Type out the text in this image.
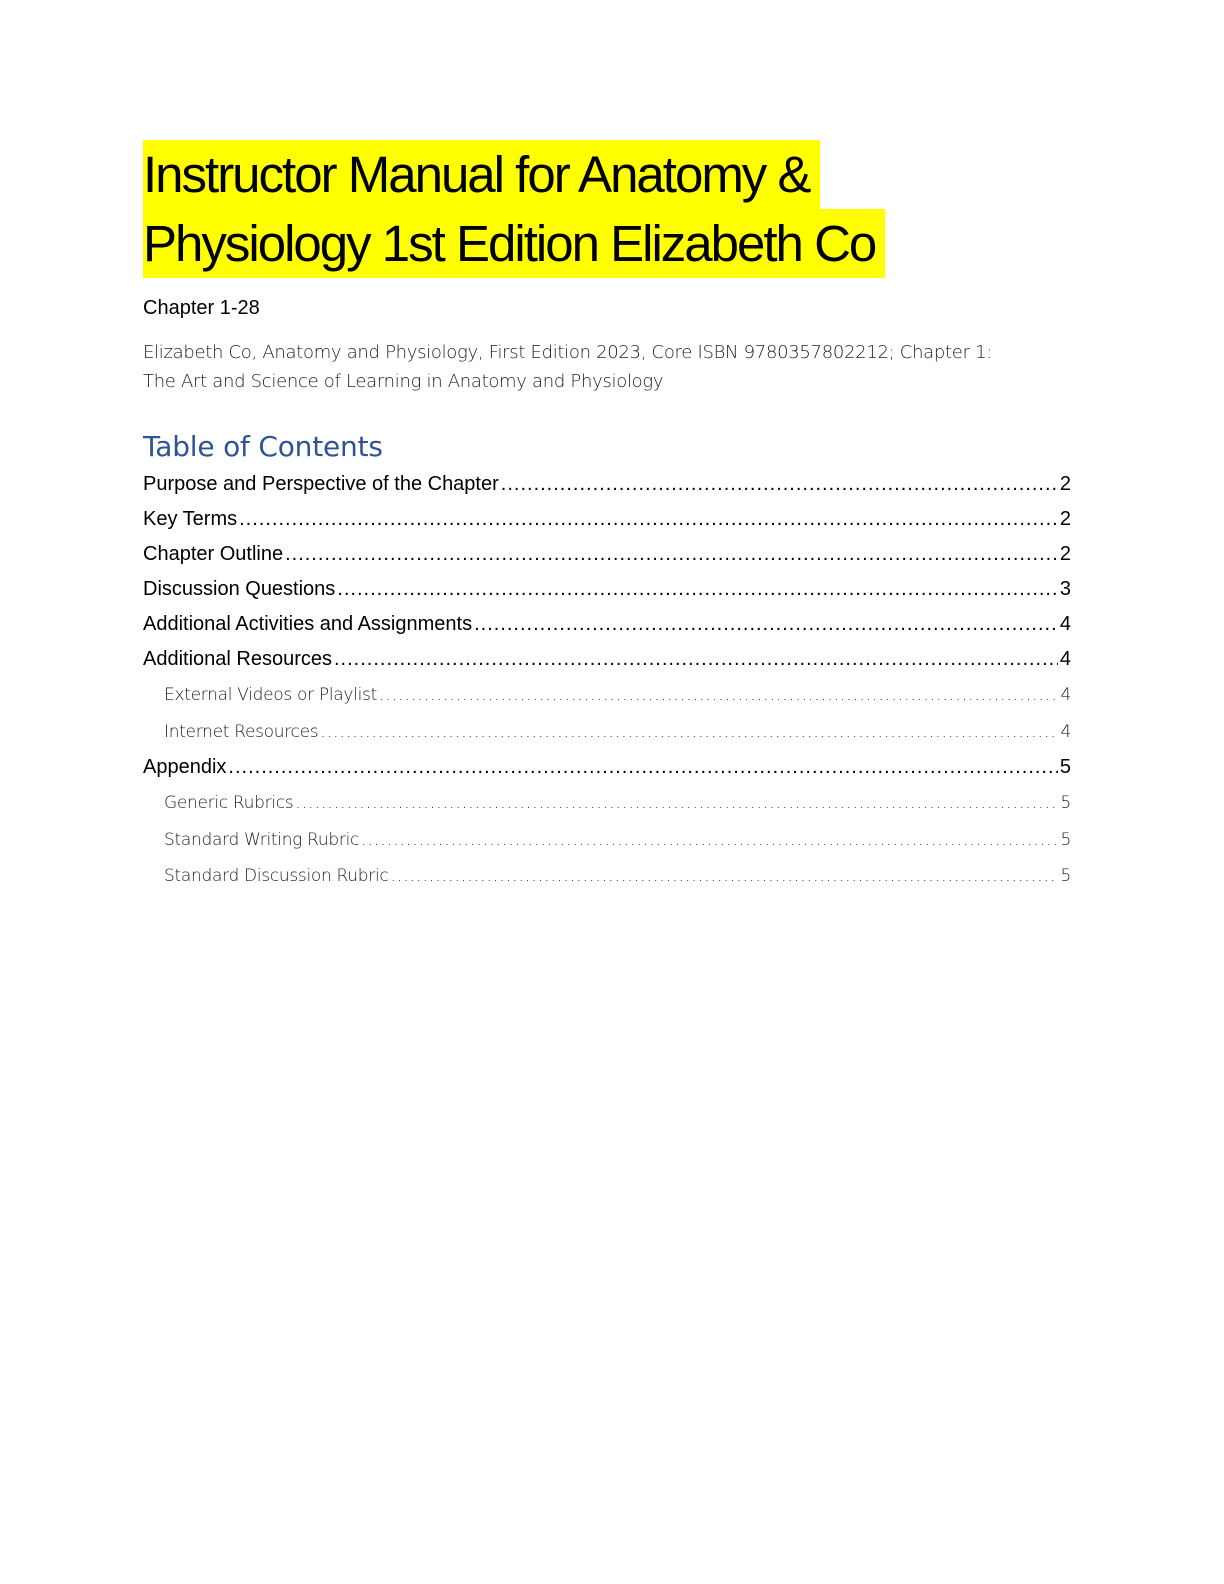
Instructor Manual for Anatomy &
Physiology 1st Edition Elizabeth Co
Chapter 1-28
Elizabeth Co, Anatomy and Physiology, First Edition 2023, Core ISBN 9780357802212; Chapter 1:
The Art and Science of Learning in Anatomy and Physiology
Table of Contents
Purpose and Perspective of the Chapter .....	2
Key Terms .....	2
Chapter Outline .....	2
Discussion Questions .....	3
Additional Activities and Assignments .....	4
Additional Resources .....	4
External Videos or Playlist .....	4
Internet Resources .....	4
Appendix .....	5
Generic Rubrics .....	5
Standard Writing Rubric .....	5
Standard Discussion Rubric .....	5
